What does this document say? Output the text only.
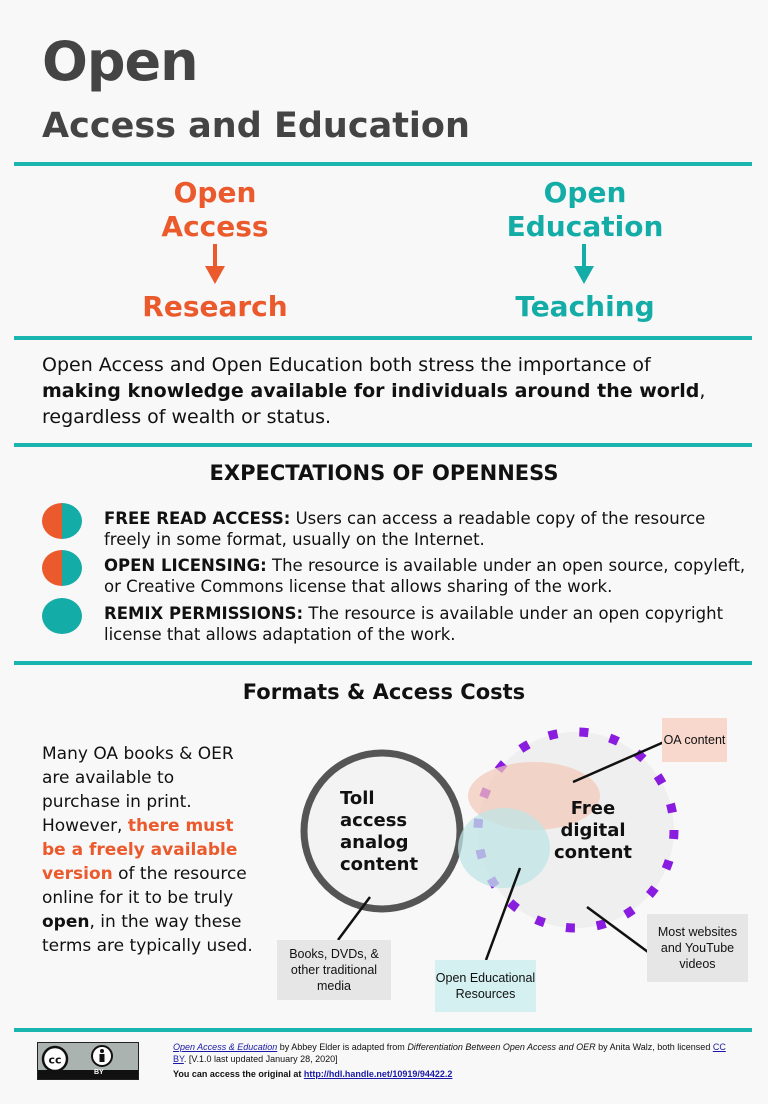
Open
Access and Education
Open
Access
Research
Open
Education
Teaching
Open Access and Open Education both stress the importance of making knowledge available for individuals around the world, regardless of wealth or status.
EXPECTATIONS OF OPENNESS
FREE READ ACCESS: Users can access a readable copy of the resource freely in some format, usually on the Internet.
OPEN LICENSING: The resource is available under an open source, copyleft, or Creative Commons license that allows sharing of the work.
REMIX PERMISSIONS: The resource is available under an open copyright license that allows adaptation of the work.
Formats & Access Costs
Many OA books & OER are available to purchase in print. However, there must be a freely available version of the resource online for it to be truly open, in the way these terms are typically used.
Toll
access
analog
content
Free
digital
content
OA content
Open Educational Resources
Books, DVDs, & other traditional media
Most websites and YouTube videos
cc
BY
Open Access & Education by Abbey Elder is adapted from Differentiation Between Open Access and OER by Anita Walz, both licensed CC BY. [V.1.0 last updated January 28, 2020]
You can access the original at http://hdl.handle.net/10919/94422.2
